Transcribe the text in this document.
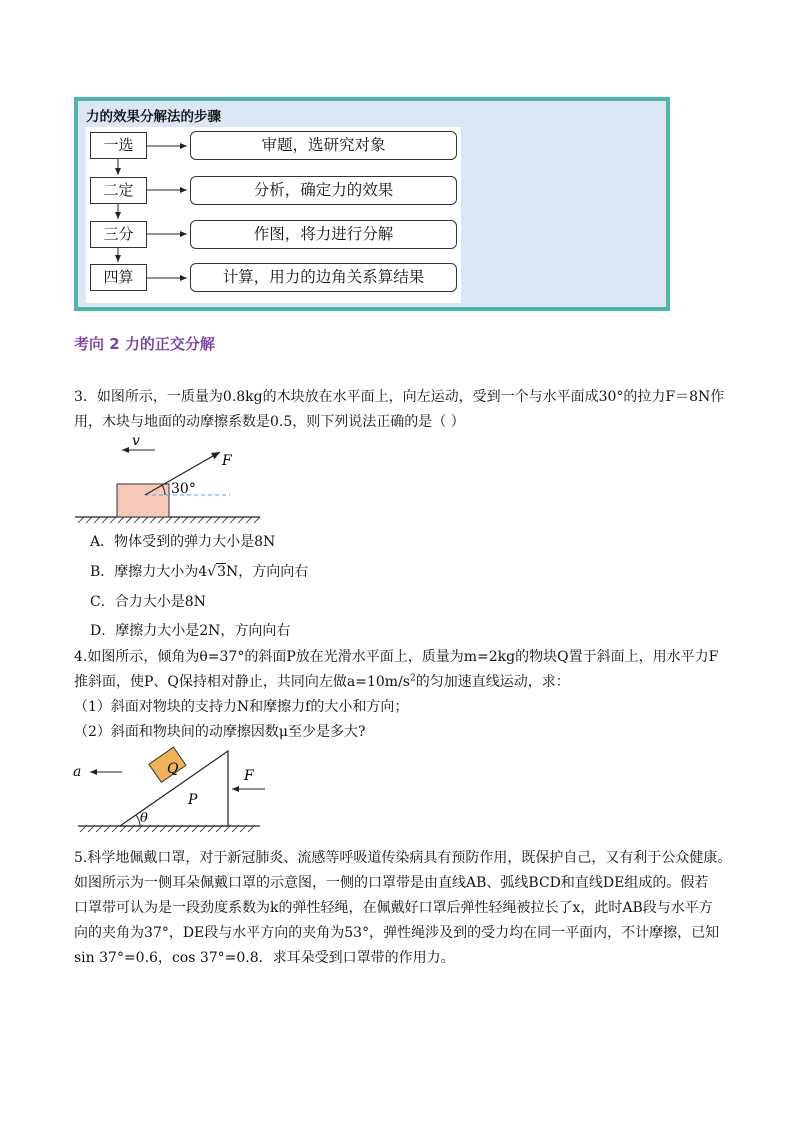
力的效果分解法的步骤
一选
二定
三分
四算
审题，选研究对象
分析，确定力的效果
作图，将力进行分解
计算，用力的边角关系算结果
考向 2 力的正交分解
3．如图所示，一质量为0.8kg的木块放在水平面上，向左运动，受到一个与水平面成30°的拉力F＝8N作
用，木块与地面的动摩擦系数是0.5，则下列说法正确的是（ ）
v
F
30°
A．物体受到的弹力大小是8N
B．摩擦力大小为4√3N，方向向右
C．合力大小是8N
D．摩擦力大小是2N，方向向右
4.如图所示，倾角为θ=37°的斜面P放在光滑水平面上，质量为m=2kg的物块Q置于斜面上，用水平力F
推斜面，使P、Q保持相对静止，共同向左做$a=10m/s^2$的匀加速直线运动，求：
（1）斜面对物块的支持力N和摩擦力f的大小和方向；
（2）斜面和物块间的动摩擦因数μ至少是多大?
Q
P
θ
a	F
5.科学地佩戴口罩，对于新冠肺炎、流感等呼吸道传染病具有预防作用，既保护自己，又有利于公众健康。
如图所示为一侧耳朵佩戴口罩的示意图，一侧的口罩带是由直线AB、弧线BCD和直线DE组成的。假若
口罩带可认为是一段劲度系数为k的弹性轻绳，在佩戴好口罩后弹性轻绳被拉长了x，此时AB段与水平方
向的夹角为37°，DE段与水平方向的夹角为53°，弹性绳涉及到的受力均在同一平面内，不计摩擦，已知
sin 37°=0.6，cos 37°=0.8．求耳朵受到口罩带的作用力。
